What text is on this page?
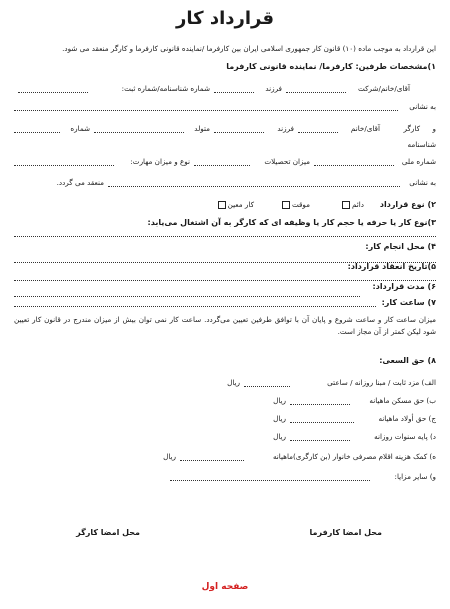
قرارداد کار
این قرارداد به موجب ماده (۱۰) قانون کار جمهوری اسلامی ایران بین کارفرما /نماینده قانونی کارفرما و کارگر منعقد می شود.
۱)مشخصات طرفین: کارفرما/ نماینده قانونی کارفرما
آقای/خانم/شرکت
فرزند
شماره شناسنامه/شماره ثبت:
به نشانی
و
کارگر
آقای/خانم
فرزند
متولد
شماره
شناسنامه
شماره ملی
میزان تحصیلات
نوع و میزان مهارت:
به نشانی
منعقد می گردد.
۲) نوع قرارداد
دائم
موقت
کار معین
۳)نوع کار یا حرفه یا حجم کار یا وظیفه ای که کارگر به آن اشتغال می‌یابد:
۴) محل انجام کار:
۵)تاریخ انعقاد قرارداد:
۶) مدت قرارداد:
۷) ساعت کار:
میزان ساعت کار و ساعت شروع و پایان آن با توافق طرفین تعیین می‌گردد. ساعت کار نمی توان بیش از میزان مندرج در قانون کار تعیین شود لیکن کمتر از آن مجاز است.
۸) حق السعی:
الف) مزد ثابت / مبنا روزانه / ساعتی
ریال
ب) حق مسکن ماهیانه
ریال
ج) حق أولاد ماهیانه
ریال
د) پایه سنوات روزانه
ریال
ه) کمک هزینه اقلام مصرفی خانوار (بن کارگری)ماهیانه
ریال
و) سایر مزایا:
محل امضا کارفرما
محل امضا کارگر
صفحه اول
